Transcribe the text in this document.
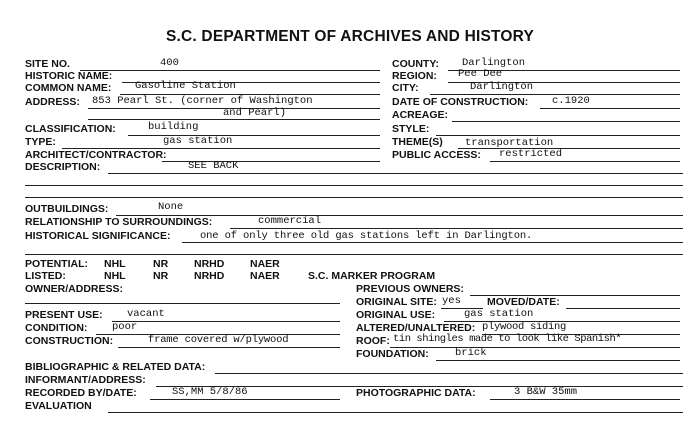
S.C. DEPARTMENT OF ARCHIVES AND HISTORY
SITE NO.	400	COUNTY: Darlington
HISTORIC NAME:	REGION: Pee Dee
COMMON NAME: Gasoline Station	CITY:	Darlington
ADDRESS: 853 Pearl St. (corner of Washington
and Pearl)
DATE OF CONSTRUCTION: c.1920
ACREAGE:
CLASSIFICATION:	building	STYLE:
TYPE:	gas station	THEME(S) transportation
ARCHITECT/CONTRACTOR:	PUBLIC ACCESS: restricted
DESCRIPTION:	SEE BACK
OUTBUILDINGS:	None
RELATIONSHIP TO SURROUNDINGS:	commercial
HISTORICAL SIGNIFICANCE:	one of only three old gas stations left in Darlington.
POTENTIAL: NHL	NR NRHD NAER
LISTED:	NHL	NR NRHD NAER	S.C. MARKER PROGRAM
OWNER/ADDRESS:	PREVIOUS OWNERS:
ORIGINAL SITE: yes MOVED/DATE:
PRESENT USE: vacant	ORIGINAL USE:	gas station
CONDITION: poor	ALTERED/UNALTERED: plywood siding
CONSTRUCTION:	frame covered w/plywood	ROOF: tin shingles made to look like Spanish*
FOUNDATION:	brick
BIBLIOGRAPHIC & RELATED DATA:
INFORMANT/ADDRESS:
RECORDED BY/DATE:	SS,MM 5/8/86	PHOTOGRAPHIC DATA:	3 B&W 35mm
EVALUATION
